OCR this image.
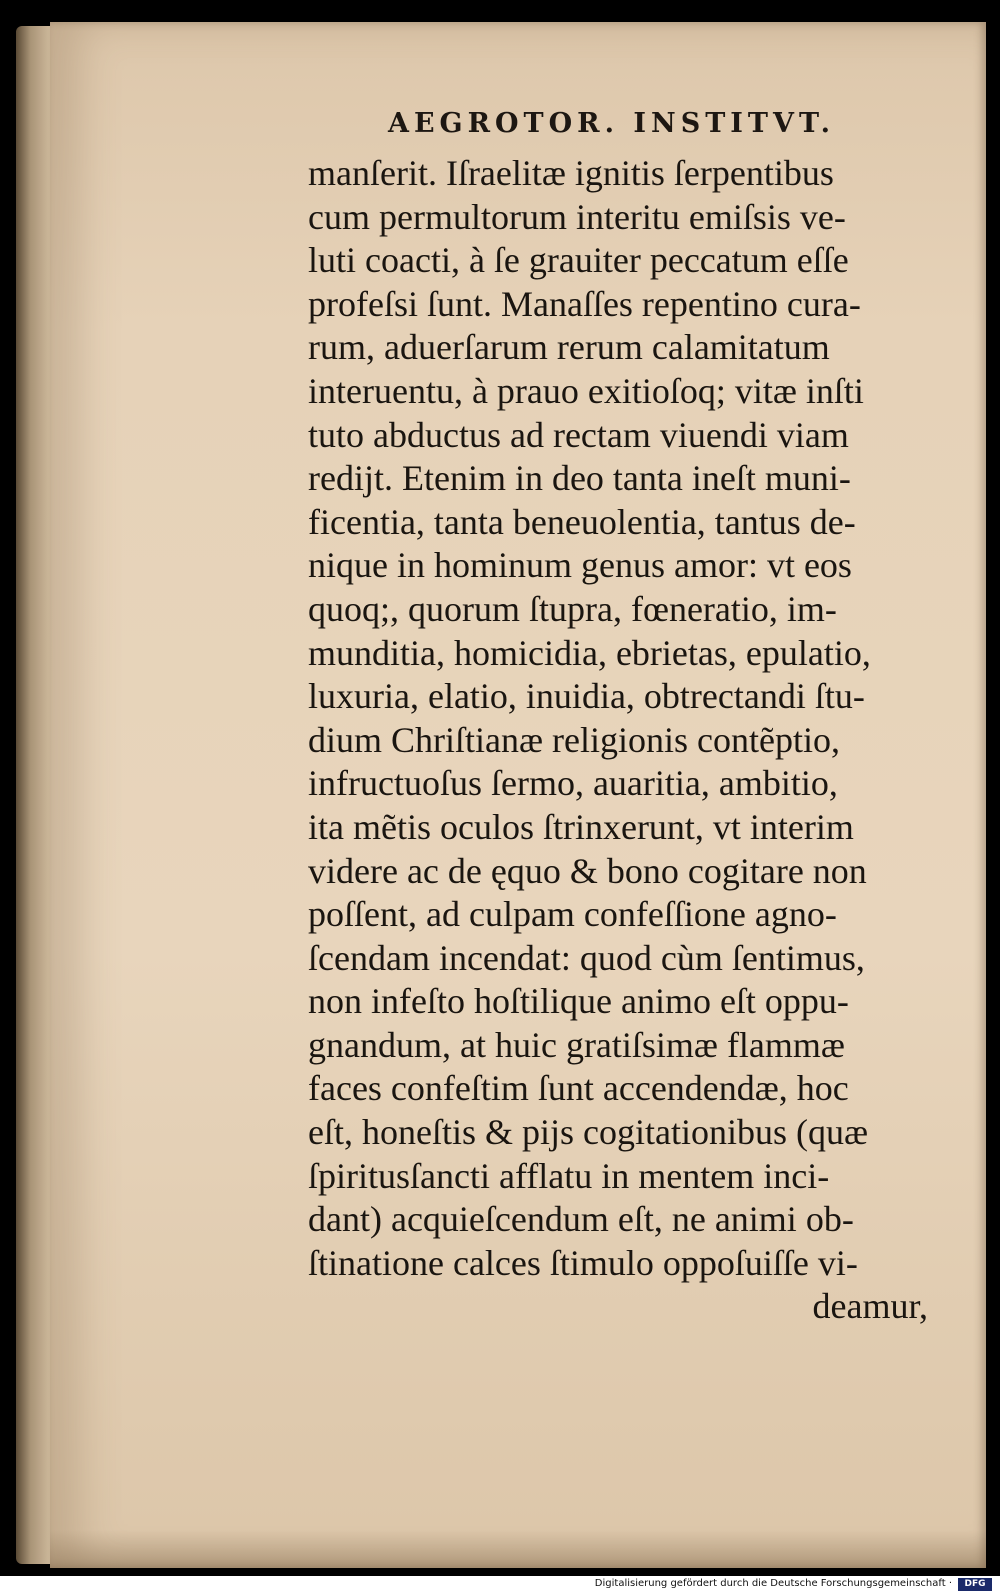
AEGROTOR. INSTITVT.
manſerit. Iſraelitæ ignitis ſerpentibus
cum permultorum interitu emiſsis ve-
luti coacti, à ſe grauiter peccatum eſſe
profeſsi ſunt. Manaſſes repentino cura-
rum, aduerſarum rerum calamitatum
interuentu, à prauo exitioſoq; vitæ inſti
tuto abductus ad rectam viuendi viam
redijt. Etenim in deo tanta ineſt muni-
ficentia, tanta beneuolentia, tantus de-
nique in hominum genus amor: vt eos
quoq;, quorum ſtupra, fœneratio, im-
munditia, homicidia, ebrietas, epulatio,
luxuria, elatio, inuidia, obtrectandi ſtu-
dium Chriſtianæ religionis contẽptio,
infructuoſus ſermo, auaritia, ambitio,
ita mẽtis oculos ſtrinxerunt, vt interim
videre ac de ęquo & bono cogitare non
poſſent, ad culpam confeſſione agno-
ſcendam incendat: quod cùm ſentimus,
non infeſto hoſtilique animo eſt oppu-
gnandum, at huic gratiſsimæ flammæ
faces confeſtim ſunt accendendæ, hoc
eſt, honeſtis & pijs cogitationibus (quæ
ſpiritusſancti afflatu in mentem inci-
dant) acquieſcendum eſt, ne animi ob-
ſtinatione calces ſtimulo oppoſuiſſe vi-
deamur,
Digitalisierung gefördert durch die Deutsche Forschungsgemeinschaft ·	DFG
